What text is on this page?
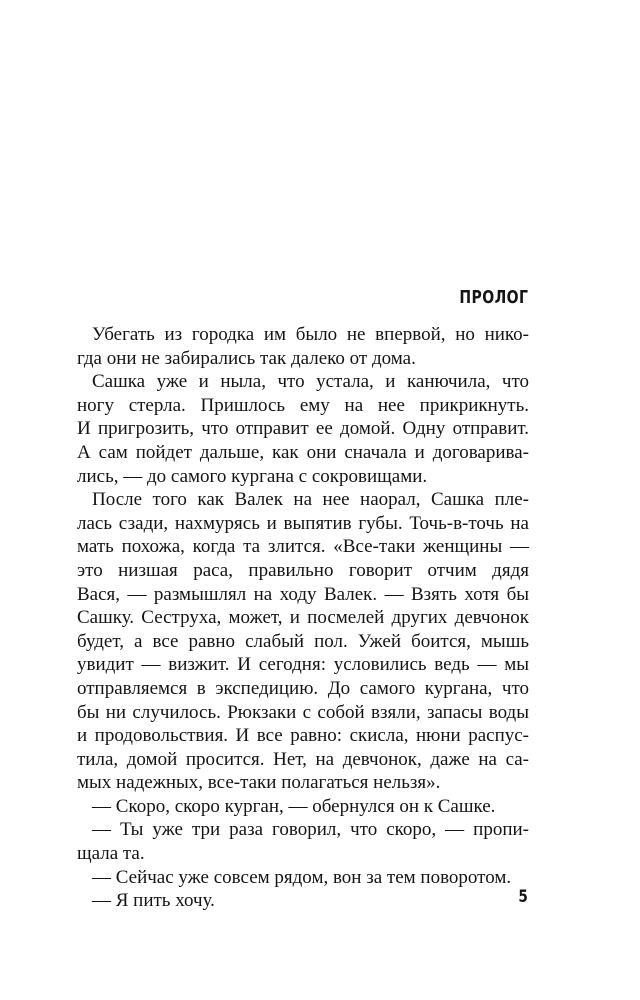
ПРОЛОГ
Убегать из городка им было не впервой, но нико-
гда они не забирались так далеко от дома.
Сашка уже и ныла, что устала, и канючила, что
ногу стерла. Пришлось ему на нее прикрикнуть.
И пригрозить, что отправит ее домой. Одну отправит.
А сам пойдет дальше, как они сначала и договарива-
лись, — до самого кургана с сокровищами.
После того как Валек на нее наорал, Сашка пле-
лась сзади, нахмурясь и выпятив губы. Точь-в-точь на
мать похожа, когда та злится. «Все-таки женщины —
это низшая раса, правильно говорит отчим дядя
Вася, — размышлял на ходу Валек. — Взять хотя бы
Сашку. Сеструха, может, и посмелей других девчонок
будет, а все равно слабый пол. Ужей боится, мышь
увидит — визжит. И сегодня: условились ведь — мы
отправляемся в экспедицию. До самого кургана, что
бы ни случилось. Рюкзаки с собой взяли, запасы воды
и продовольствия. И все равно: скисла, нюни распус-
тила, домой просится. Нет, на девчонок, даже на са-
мых надежных, все-таки полагаться нельзя».
— Скоро, скоро курган, — обернулся он к Сашке.
— Ты уже три раза говорил, что скоро, — пропи-
щала та.
— Сейчас уже совсем рядом, вон за тем поворотом.
— Я пить хочу.	5
